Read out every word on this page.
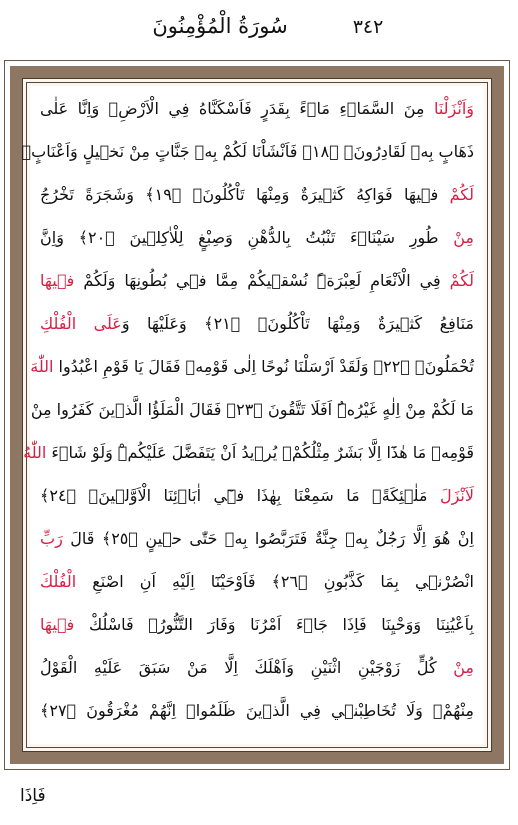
٣٤٢
سُورَةُ الْمُؤْمِنُونَ
وَاَنْزَلْنَا مِنَ السَّمَاۤءِ مَاۤءً بِقَدَرٍ فَاَسْكَنَّاهُ فِي الْاَرْضِۗ وَاِنَّا عَلٰى
ذَهَابٍ بِه۪ لَقَادِرُونَۚ ﴿١٨﴾ فَاَنْشَاْنَا لَكُمْ بِه۪ جَنَّاتٍ مِنْ نَخ۪يلٍ وَاَعْنَابٍۢ
لَكُمْ ف۪يهَا فَوَاكِهُ كَث۪يرَةٌ وَمِنْهَا تَاْكُلُونَۙ ﴿١٩﴾ وَشَجَرَةً تَخْرُجُ
مِنْ طُورِ سَيْنَاۤءَ تَنْبُتُ بِالدُّهْنِ وَصِبْغٍ لِلْاٰكِل۪ينَ ﴿٢٠﴾ وَاِنَّ
لَكُمْ فِي الْاَنْعَامِ لَعِبْرَةًۜ نُسْق۪يكُمْ مِمَّا ف۪ي بُطُونِهَا وَلَكُمْ ف۪يهَا
مَنَافِعُ كَث۪يرَةٌ وَمِنْهَا تَاْكُلُونَۙ ﴿٢١﴾ وَعَلَيْهَا وَعَلَى الْفُلْكِ
تُحْمَلُونَ۟ ﴿٢٢﴾ وَلَقَدْ اَرْسَلْنَا نُوحًا اِلٰى قَوْمِه۪ فَقَالَ يَا قَوْمِ اعْبُدُوا اللّٰهَ
مَا لَكُمْ مِنْ اِلٰهٍ غَيْرُهُۜ اَفَلَا تَتَّقُونَ ﴿٢٣﴾ فَقَالَ الْمَلَؤُا الَّذ۪ينَ كَفَرُوا مِنْ
قَوْمِه۪ مَا هٰذَٓا اِلَّا بَشَرٌ مِثْلُكُمْۙ يُر۪يدُ اَنْ يَتَفَضَّلَ عَلَيْكُمْۜ وَلَوْ شَاۤءَ اللّٰهُ
لَاَنْزَلَ مَلٰۤئِكَةًۚ مَا سَمِعْنَا بِهٰذَا ف۪ٓي اٰبَاۤئِنَا الْاَوَّل۪ينَۚ ﴿٢٤﴾
اِنْ هُوَ اِلَّا رَجُلٌ بِه۪ جِنَّةٌ فَتَرَبَّصُوا بِه۪ حَتّٰى ح۪ينٍ ﴿٢٥﴾ قَالَ رَبِّ
انْصُرْن۪ي بِمَا كَذَّبُونِ ﴿٢٦﴾ فَاَوْحَيْنَٓا اِلَيْهِ اَنِ اصْنَعِ الْفُلْكَ
بِاَعْيُنِنَا وَوَحْيِنَا فَاِذَا جَاۤءَ اَمْرُنَا وَفَارَ التَّنُّورُۙ فَاسْلُكْ ف۪يهَا
مِنْ كُلٍّ زَوْجَيْنِ اثْنَيْنِ وَاَهْلَكَ اِلَّا مَنْ سَبَقَ عَلَيْهِ الْقَوْلُ
مِنْهُمْۚ وَلَا تُخَاطِبْن۪ي فِي الَّذ۪ينَ ظَلَمُواۚ اِنَّهُمْ مُغْرَقُونَ ﴿٢٧﴾
فَاِذَا
